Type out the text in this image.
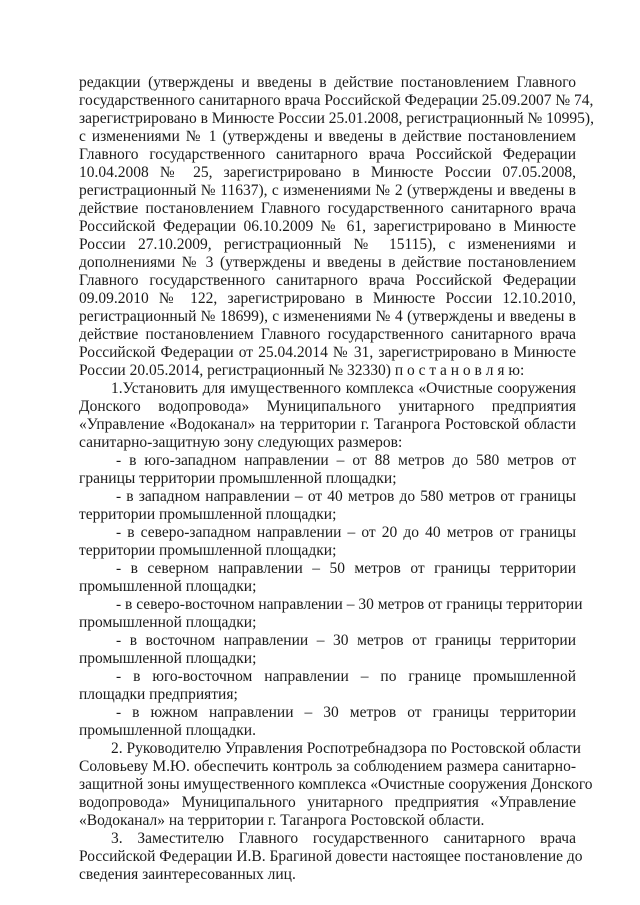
редакции (утверждены и введены в действие постановлением Главного
государственного санитарного врача Российской Федерации 25.09.2007 № 74,
зарегистрировано в Минюсте России 25.01.2008, регистрационный № 10995),
с изменениями № 1 (утверждены и введены в действие постановлением
Главного государственного санитарного врача Российской Федерации
10.04.2008 № 25, зарегистрировано в Минюсте России 07.05.2008,
регистрационный № 11637), с изменениями № 2 (утверждены и введены в
действие постановлением Главного государственного санитарного врача
Российской Федерации 06.10.2009 № 61, зарегистрировано в Минюсте
России 27.10.2009, регистрационный № 15115), с изменениями и
дополнениями № 3 (утверждены и введены в действие постановлением
Главного государственного санитарного врача Российской Федерации
09.09.2010 № 122, зарегистрировано в Минюсте России 12.10.2010,
регистрационный № 18699), с изменениями № 4 (утверждены и введены в
действие постановлением Главного государственного санитарного врача
Российской Федерации от 25.04.2014 № 31, зарегистрировано в Минюсте
России 20.05.2014, регистрационный № 32330) п о с т а н о в л я ю:
1.Установить для имущественного комплекса «Очистные сооружения
Донского водопровода» Муниципального унитарного предприятия
«Управление «Водоканал» на территории г. Таганрога Ростовской области
санитарно-защитную зону следующих размеров:
- в юго-западном направлении – от 88 метров до 580 метров от
границы территории промышленной площадки;
- в западном направлении – от 40 метров до 580 метров от границы
территории промышленной площадки;
- в северо-западном направлении – от 20 до 40 метров от границы
территории промышленной площадки;
- в северном направлении – 50 метров от границы территории
промышленной площадки;
- в северо-восточном направлении – 30 метров от границы территории
промышленной площадки;
- в восточном направлении – 30 метров от границы территории
промышленной площадки;
- в юго-восточном направлении – по границе промышленной
площадки предприятия;
- в южном направлении – 30 метров от границы территории
промышленной площадки.
2. Руководителю Управления Роспотребнадзора по Ростовской области
Соловьеву М.Ю. обеспечить контроль за соблюдением размера санитарно-
защитной зоны имущественного комплекса «Очистные сооружения Донского
водопровода» Муниципального унитарного предприятия «Управление
«Водоканал» на территории г. Таганрога Ростовской области.
3. Заместителю Главного государственного санитарного врача
Российской Федерации И.В. Брагиной довести настоящее постановление до
сведения заинтересованных лиц.
